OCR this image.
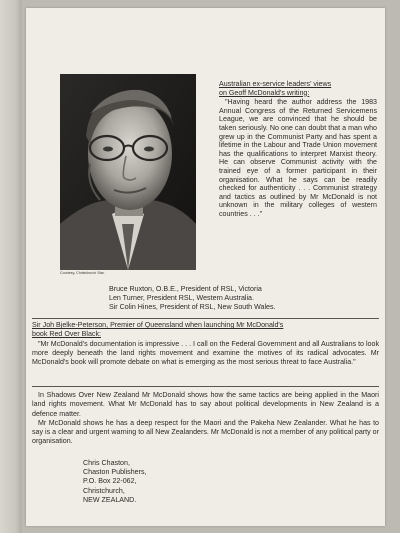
Courtesy, Christchurch Star.
Australian ex-service leaders' views
on Geoff McDonald's writing:
"Having heard the author address the 1983 Annual Congress of the Returned Servicemens League, we are convinced that he should be taken seriously. No one can doubt that a man who grew up in the Communist Party and has spent a lifetime in the Labour and Trade Union movement has the qualifications to interpret Marxist theory. He can observe Communist activity with the trained eye of a former participant in their organisation. What he says can be readily checked for authenticity . . . Communist strategy and tactics as outlined by Mr McDonald is not unknown in the military colleges of western countries . . ."
Bruce Ruxton, O.B.E., President of RSL, Victoria
Len Turner, President RSL, Western Australia.
Sir Colin Hines, President of RSL, New South Wales.
Sir Joh Bjelke-Peterson, Premier of Queensland when launching Mr McDonald's
book Red Over Black:
"Mr McDonald's documentation is impressive . . . I call on the Federal Government and all Australians to look more deeply beneath the land rights movement and examine the motives of its radical advocates. Mr McDonald's book will promote debate on what is emerging as the most serious threat to face Australia."

In Shadows Over New Zealand Mr McDonald shows how the same tactics are being applied in the Maori land rights movement. What Mr McDonald has to say about political developments in New Zealand is a defence matter.

Mr McDonald shows he has a deep respect for the Maori and the Pakeha New Zealander. What he has to say is a clear and urgent warning to all New Zealanders. Mr McDonald is not a member of any political party or organisation.

Chris Chaston,
Chaston Publishers,
P.O. Box 22-062,
Christchurch,
NEW ZEALAND.
